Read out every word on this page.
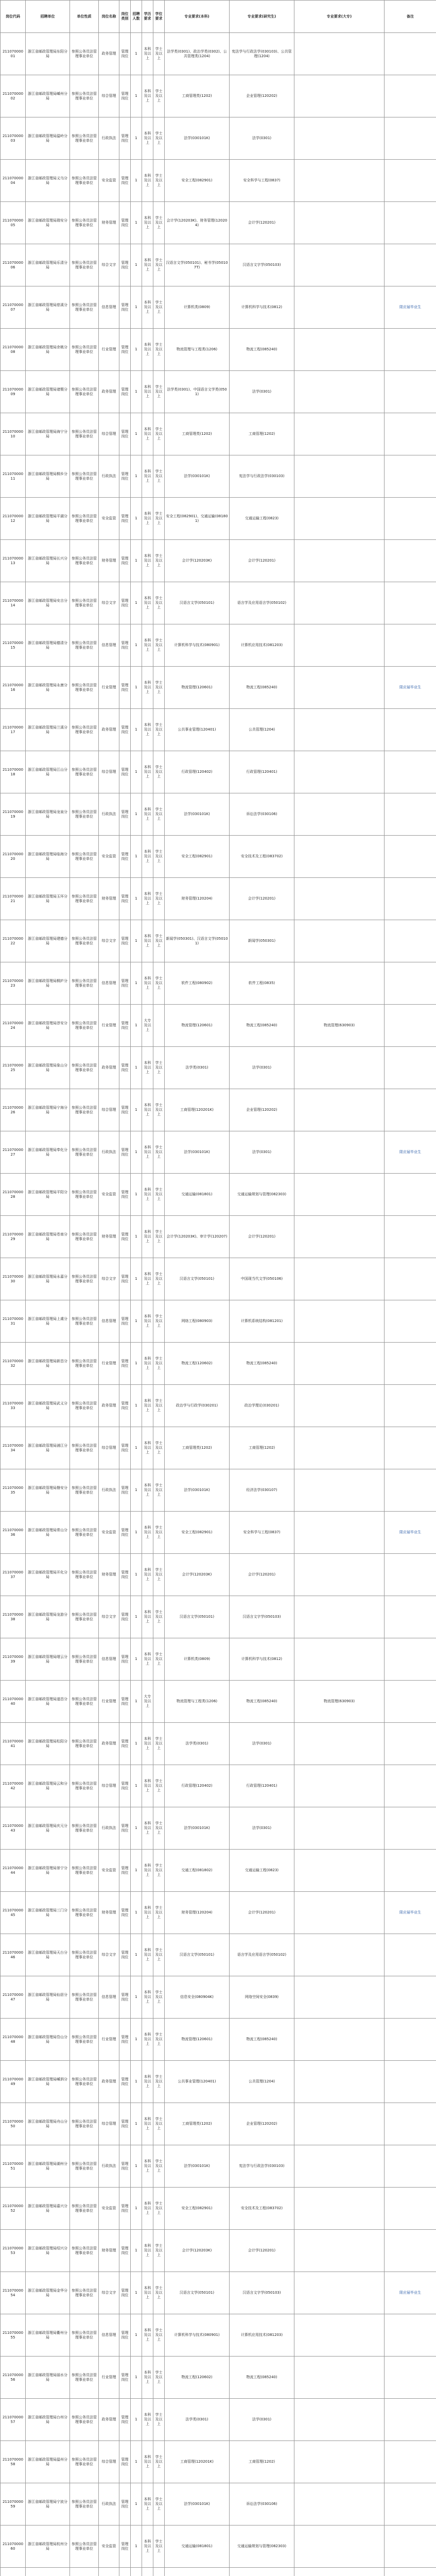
岗位代码	招聘单位	单位性质	岗位名称	岗位类别	招聘人数	学历要求	学位要求	专业要求(本科)	专业要求(研究生)	专业要求(大专)	备注
21107000001	浙江省邮政管理局东阳分局	参照公务员法管理事业单位	政务管理	管理岗位	1	本科及以上	学士及以上	法学类(0301)、政治学类(0302)、公共管理类(1204)	宪法学与行政法学(030103)、公共管理(1204)		
21107000002	浙江省邮政管理局嵊州分局	参照公务员法管理事业单位	综合管理	管理岗位	1	本科及以上	学士及以上	工商管理类(1202)	企业管理(120202)		
21107000003	浙江省邮政管理局温岭分局	参照公务员法管理事业单位	行政执法	管理岗位	1	本科及以上	学士及以上	法学(030101K)	法学(0301)		
21107000004	浙江省邮政管理局义乌分局	参照公务员法管理事业单位	安全监管	管理岗位	1	本科及以上	学士及以上	安全工程(082901)	安全科学与工程(0837)		
21107000005	浙江省邮政管理局瑞安分局	参照公务员法管理事业单位	财务管理	管理岗位	1	本科及以上	学士及以上	会计学(120203K)、财务管理(120204)	会计学(120201)		
21107000006	浙江省邮政管理局乐清分局	参照公务员法管理事业单位	综合文字	管理岗位	1	本科及以上	学士及以上	汉语言文学(050101)、秘书学(050107T)	汉语言文字学(050103)		
21107000007	浙江省邮政管理局慈溪分局	参照公务员法管理事业单位	信息管理	管理岗位	1	本科及以上	学士及以上	计算机类(0809)	计算机科学与技术(0812)		限应届毕业生
21107000008	浙江省邮政管理局余姚分局	参照公务员法管理事业单位	行业管理	管理岗位	1	本科及以上	学士及以上	物流管理与工程类(1206)	物流工程(085240)		
21107000009	浙江省邮政管理局诸暨分局	参照公务员法管理事业单位	政务管理	管理岗位	1	本科及以上	学士及以上	法学类(0301)、中国语言文学类(0501)	法学(0301)		
21107000010	浙江省邮政管理局海宁分局	参照公务员法管理事业单位	综合管理	管理岗位	1	本科及以上	学士及以上	工商管理类(1202)	工商管理(1202)		
21107000011	浙江省邮政管理局桐乡分局	参照公务员法管理事业单位	行政执法	管理岗位	1	本科及以上	学士及以上	法学(030101K)	宪法学与行政法学(030103)		
21107000012	浙江省邮政管理局平湖分局	参照公务员法管理事业单位	安全监管	管理岗位	1	本科及以上	学士及以上	安全工程(082901)、交通运输(081801)	交通运输工程(0823)		
21107000013	浙江省邮政管理局长兴分局	参照公务员法管理事业单位	财务管理	管理岗位	1	本科及以上	学士及以上	会计学(120203K)	会计学(120201)		
21107000014	浙江省邮政管理局安吉分局	参照公务员法管理事业单位	综合文字	管理岗位	1	本科及以上	学士及以上	汉语言文学(050101)	语言学及应用语言学(050102)		
21107000015	浙江省邮政管理局德清分局	参照公务员法管理事业单位	信息管理	管理岗位	1	本科及以上	学士及以上	计算机科学与技术(080901)	计算机应用技术(081203)		
21107000016	浙江省邮政管理局永康分局	参照公务员法管理事业单位	行业管理	管理岗位	1	本科及以上	学士及以上	物流管理(120601)	物流工程(085240)		限应届毕业生
21107000017	浙江省邮政管理局兰溪分局	参照公务员法管理事业单位	政务管理	管理岗位	1	本科及以上	学士及以上	公共事业管理(120401)	公共管理(1204)		
21107000018	浙江省邮政管理局江山分局	参照公务员法管理事业单位	综合管理	管理岗位	1	本科及以上	学士及以上	行政管理(120402)	行政管理(120401)		
21107000019	浙江省邮政管理局龙泉分局	参照公务员法管理事业单位	行政执法	管理岗位	1	本科及以上	学士及以上	法学(030101K)	诉讼法学(030106)		
21107000020	浙江省邮政管理局临海分局	参照公务员法管理事业单位	安全监管	管理岗位	1	本科及以上	学士及以上	安全工程(082901)	安全技术及工程(083702)		
21107000021	浙江省邮政管理局玉环分局	参照公务员法管理事业单位	财务管理	管理岗位	1	本科及以上	学士及以上	财务管理(120204)	会计学(120201)		
21107000022	浙江省邮政管理局建德分局	参照公务员法管理事业单位	综合文字	管理岗位	1	本科及以上	学士及以上	新闻学(050301)、汉语言文学(050101)	新闻学(050301)		
21107000023	浙江省邮政管理局桐庐分局	参照公务员法管理事业单位	信息管理	管理岗位	1	本科及以上	学士及以上	软件工程(080902)	软件工程(0835)		
21107000024	浙江省邮政管理局淳安分局	参照公务员法管理事业单位	行业管理	管理岗位	1	大专及以上		物流管理(120601)	物流工程(085240)	物流管理(630903)	
21107000025	浙江省邮政管理局象山分局	参照公务员法管理事业单位	政务管理	管理岗位	1	本科及以上	学士及以上	法学类(0301)	法学(0301)		
21107000026	浙江省邮政管理局宁海分局	参照公务员法管理事业单位	综合管理	管理岗位	1	本科及以上	学士及以上	工商管理(120201K)	企业管理(120202)		
21107000027	浙江省邮政管理局奉化分局	参照公务员法管理事业单位	行政执法	管理岗位	1	本科及以上	学士及以上	法学(030101K)	法学(0301)		限应届毕业生
21107000028	浙江省邮政管理局平阳分局	参照公务员法管理事业单位	安全监管	管理岗位	1	本科及以上	学士及以上	交通运输(081801)	交通运输规划与管理(082303)		
21107000029	浙江省邮政管理局苍南分局	参照公务员法管理事业单位	财务管理	管理岗位	1	本科及以上	学士及以上	会计学(120203K)、审计学(120207)	会计学(120201)		
21107000030	浙江省邮政管理局永嘉分局	参照公务员法管理事业单位	综合文字	管理岗位	1	本科及以上	学士及以上	汉语言文学(050101)	中国现当代文学(050106)		
21107000031	浙江省邮政管理局上虞分局	参照公务员法管理事业单位	信息管理	管理岗位	1	本科及以上	学士及以上	网络工程(080903)	计算机系统结构(081201)		
21107000032	浙江省邮政管理局新昌分局	参照公务员法管理事业单位	行业管理	管理岗位	1	本科及以上	学士及以上	物流工程(120602)	物流工程(085240)		
21107000033	浙江省邮政管理局武义分局	参照公务员法管理事业单位	政务管理	管理岗位	1	本科及以上	学士及以上	政治学与行政学(030201)	政治学理论(030201)		
21107000034	浙江省邮政管理局浦江分局	参照公务员法管理事业单位	综合管理	管理岗位	1	本科及以上	学士及以上	工商管理类(1202)	工商管理(1202)		
21107000035	浙江省邮政管理局磐安分局	参照公务员法管理事业单位	行政执法	管理岗位	1	本科及以上	学士及以上	法学(030101K)	经济法学(030107)		
21107000036	浙江省邮政管理局常山分局	参照公务员法管理事业单位	安全监管	管理岗位	1	本科及以上	学士及以上	安全工程(082901)	安全科学与工程(0837)		限应届毕业生
21107000037	浙江省邮政管理局开化分局	参照公务员法管理事业单位	财务管理	管理岗位	1	本科及以上	学士及以上	会计学(120203K)	会计学(120201)		
21107000038	浙江省邮政管理局龙游分局	参照公务员法管理事业单位	综合文字	管理岗位	1	本科及以上	学士及以上	汉语言文学(050101)	汉语言文字学(050103)		
21107000039	浙江省邮政管理局缙云分局	参照公务员法管理事业单位	信息管理	管理岗位	1	本科及以上	学士及以上	计算机类(0809)	计算机科学与技术(0812)		
21107000040	浙江省邮政管理局遂昌分局	参照公务员法管理事业单位	行业管理	管理岗位	1	大专及以上		物流管理与工程类(1206)	物流工程(085240)	物流管理(630903)	
21107000041	浙江省邮政管理局松阳分局	参照公务员法管理事业单位	政务管理	管理岗位	1	本科及以上	学士及以上	法学类(0301)	法学(0301)		
21107000042	浙江省邮政管理局云和分局	参照公务员法管理事业单位	综合管理	管理岗位	1	本科及以上	学士及以上	行政管理(120402)	行政管理(120401)		
21107000043	浙江省邮政管理局庆元分局	参照公务员法管理事业单位	行政执法	管理岗位	1	本科及以上	学士及以上	法学(030101K)	法学(0301)		
21107000044	浙江省邮政管理局景宁分局	参照公务员法管理事业单位	安全监管	管理岗位	1	本科及以上	学士及以上	交通工程(081802)	交通运输工程(0823)		
21107000045	浙江省邮政管理局三门分局	参照公务员法管理事业单位	财务管理	管理岗位	1	本科及以上	学士及以上	财务管理(120204)	会计学(120201)		限应届毕业生
21107000046	浙江省邮政管理局天台分局	参照公务员法管理事业单位	综合文字	管理岗位	1	本科及以上	学士及以上	汉语言文学(050101)	语言学及应用语言学(050102)		
21107000047	浙江省邮政管理局仙居分局	参照公务员法管理事业单位	信息管理	管理岗位	1	本科及以上	学士及以上	信息安全(080904K)	网络空间安全(0839)		
21107000048	浙江省邮政管理局岱山分局	参照公务员法管理事业单位	行业管理	管理岗位	1	本科及以上	学士及以上	物流管理(120601)	物流工程(085240)		
21107000049	浙江省邮政管理局嵊泗分局	参照公务员法管理事业单位	政务管理	管理岗位	1	本科及以上	学士及以上	公共事业管理(120401)	公共管理(1204)		
21107000050	浙江省邮政管理局舟山分局	参照公务员法管理事业单位	综合管理	管理岗位	1	本科及以上	学士及以上	工商管理类(1202)	企业管理(120202)		
21107000051	浙江省邮政管理局湖州分局	参照公务员法管理事业单位	行政执法	管理岗位	1	本科及以上	学士及以上	法学(030101K)	宪法学与行政法学(030103)		
21107000052	浙江省邮政管理局嘉兴分局	参照公务员法管理事业单位	安全监管	管理岗位	1	本科及以上	学士及以上	安全工程(082901)	安全技术及工程(083702)		
21107000053	浙江省邮政管理局绍兴分局	参照公务员法管理事业单位	财务管理	管理岗位	1	本科及以上	学士及以上	会计学(120203K)	会计学(120201)		
21107000054	浙江省邮政管理局金华分局	参照公务员法管理事业单位	综合文字	管理岗位	1	本科及以上	学士及以上	汉语言文学(050101)	汉语言文字学(050103)		限应届毕业生
21107000055	浙江省邮政管理局衢州分局	参照公务员法管理事业单位	信息管理	管理岗位	1	本科及以上	学士及以上	计算机科学与技术(080901)	计算机应用技术(081203)		
21107000056	浙江省邮政管理局丽水分局	参照公务员法管理事业单位	行业管理	管理岗位	1	本科及以上	学士及以上	物流工程(120602)	物流工程(085240)		
21107000057	浙江省邮政管理局台州分局	参照公务员法管理事业单位	政务管理	管理岗位	1	本科及以上	学士及以上	法学类(0301)	法学(0301)		
21107000058	浙江省邮政管理局温州分局	参照公务员法管理事业单位	综合管理	管理岗位	1	本科及以上	学士及以上	工商管理(120201K)	工商管理(1202)		
21107000059	浙江省邮政管理局宁波分局	参照公务员法管理事业单位	行政执法	管理岗位	1	本科及以上	学士及以上	法学(030101K)	诉讼法学(030106)		
21107000060	浙江省邮政管理局杭州分局	参照公务员法管理事业单位	安全监管	管理岗位	1	本科及以上	学士及以上	交通运输(081801)	交通运输规划与管理(082303)		
